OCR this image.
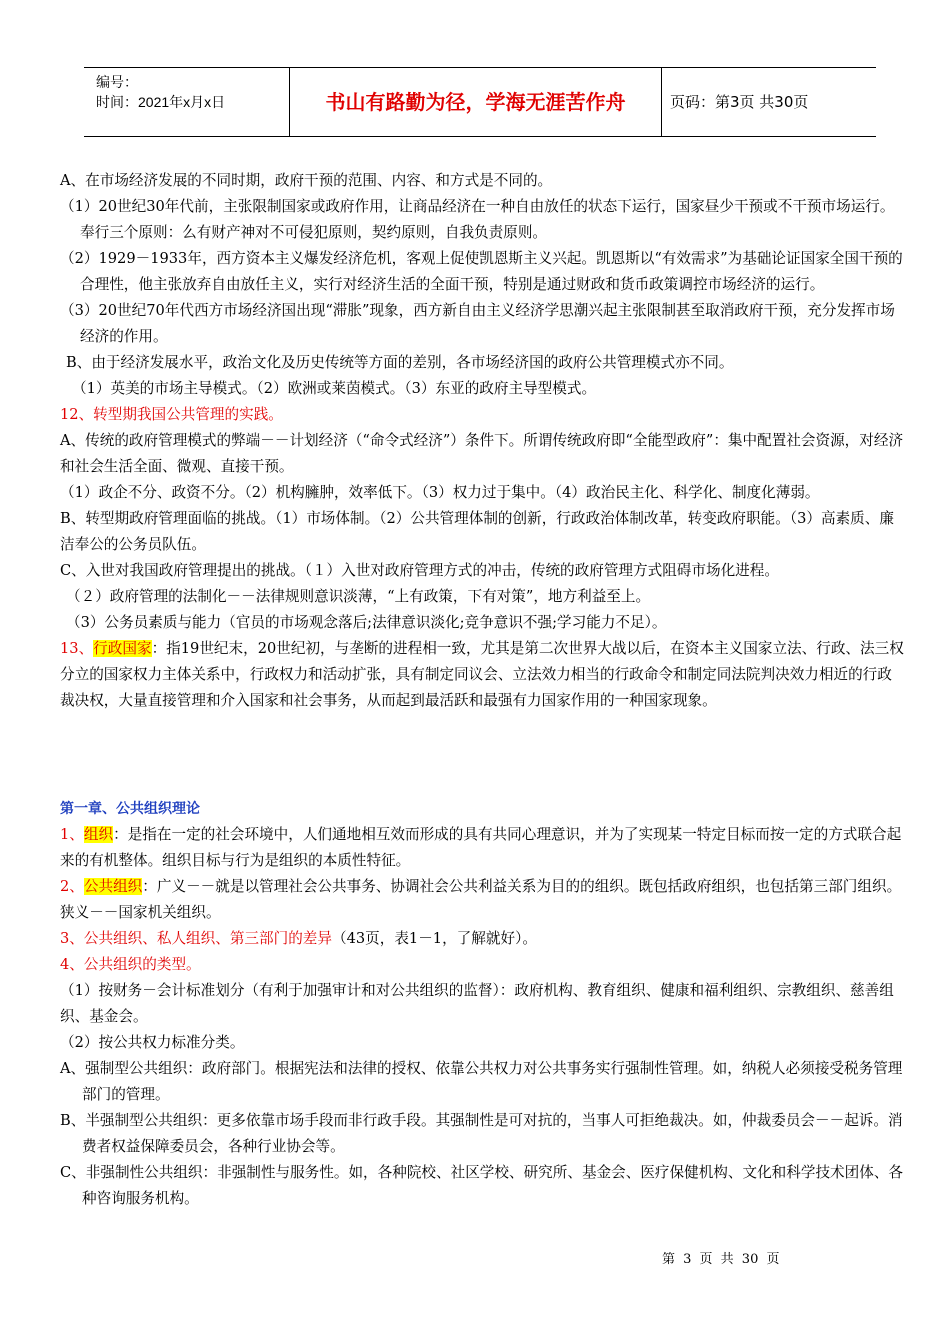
编号：
时间：2021年x月x日	书山有路勤为径，学海无涯苦作舟	页码：第3页 共30页

A、在市场经济发展的不同时期，政府干预的范围、内容、和方式是不同的。

（1）20世纪30年代前，主张限制国家或政府作用，让商品经济在一种自由放任的状态下运行，国家昼少干预或不干预市场运行。奉行三个原则：么有财产神对不可侵犯原则，契约原则，自我负责原则。

（2）1929－1933年，西方资本主义爆发经济危机，客观上促使凯恩斯主义兴起。凯恩斯以“有效需求”为基础论证国家全国干预的合理性，他主张放弃自由放任主义，实行对经济生活的全面干预，特别是通过财政和货币政策调控市场经济的运行。

（3）20世纪70年代西方市场经济国出现“滞胀”现象，西方新自由主义经济学思潮兴起主张限制甚至取消政府干预，充分发挥市场经济的作用。

B、由于经济发展水平，政治文化及历史传统等方面的差别，各市场经济国的政府公共管理模式亦不同。

（1）英美的市场主导模式。（2）欧洲或莱茵模式。（3）东亚的政府主导型模式。

12、转型期我国公共管理的实践。

A、传统的政府管理模式的弊端－－计划经济（“命令式经济”）条件下。所谓传统政府即“全能型政府”：集中配置社会资源，对经济和社会生活全面、微观、直接干预。

（1）政企不分、政资不分。（2）机构臃肿，效率低下。（3）权力过于集中。（4）政治民主化、科学化、制度化薄弱。

B、转型期政府管理面临的挑战。（1）市场体制。（2）公共管理体制的创新，行政政治体制改革，转变政府职能。（3）高素质、廉洁奉公的公务员队伍。

C、入世对我国政府管理提出的挑战。（１）入世对政府管理方式的冲击，传统的政府管理方式阻碍市场化进程。

（２）政府管理的法制化－－法律规则意识淡薄，“上有政策，下有对策”，地方利益至上。

（3）公务员素质与能力（官员的市场观念落后;法律意识淡化;竞争意识不强;学习能力不足）。

13、行政国家：指19世纪末，20世纪初，与垄断的进程相一致，尤其是第二次世界大战以后，在资本主义国家立法、行政、法三权分立的国家权力主体关系中，行政权力和活动扩张，具有制定同议会、立法效力相当的行政命令和制定同法院判决效力相近的行政裁决权，大量直接管理和介入国家和社会事务，从而起到最活跃和最强有力国家作用的一种国家现象。

第一章、公共组织理论

1、组织：是指在一定的社会环境中，人们通地相互效而形成的具有共同心理意识，并为了实现某一特定目标而按一定的方式联合起来的有机整体。组织目标与行为是组织的本质性特征。

2、公共组织：广义－－就是以管理社会公共事务、协调社会公共利益关系为目的的组织。既包括政府组织，也包括第三部门组织。狭义－－国家机关组织。

3、公共组织、私人组织、第三部门的差异（43页，表1－1，了解就好）。

4、公共组织的类型。

（1）按财务－会计标准划分（有利于加强审计和对公共组织的监督）：政府机构、教育组织、健康和福利组织、宗教组织、慈善组织、基金会。

（2）按公共权力标准分类。

A、强制型公共组织：政府部门。根据宪法和法律的授权、依靠公共权力对公共事务实行强制性管理。如，纳税人必须接受税务管理部门的管理。

B、半强制型公共组织：更多依靠市场手段而非行政手段。其强制性是可对抗的，当事人可拒绝裁决。如，仲裁委员会－－起诉。消费者权益保障委员会，各种行业协会等。

C、非强制性公共组织：非强制性与服务性。如，各种院校、社区学校、研究所、基金会、医疗保健机构、文化和科学技术团体、各种咨询服务机构。

第 3 页 共 30 页
